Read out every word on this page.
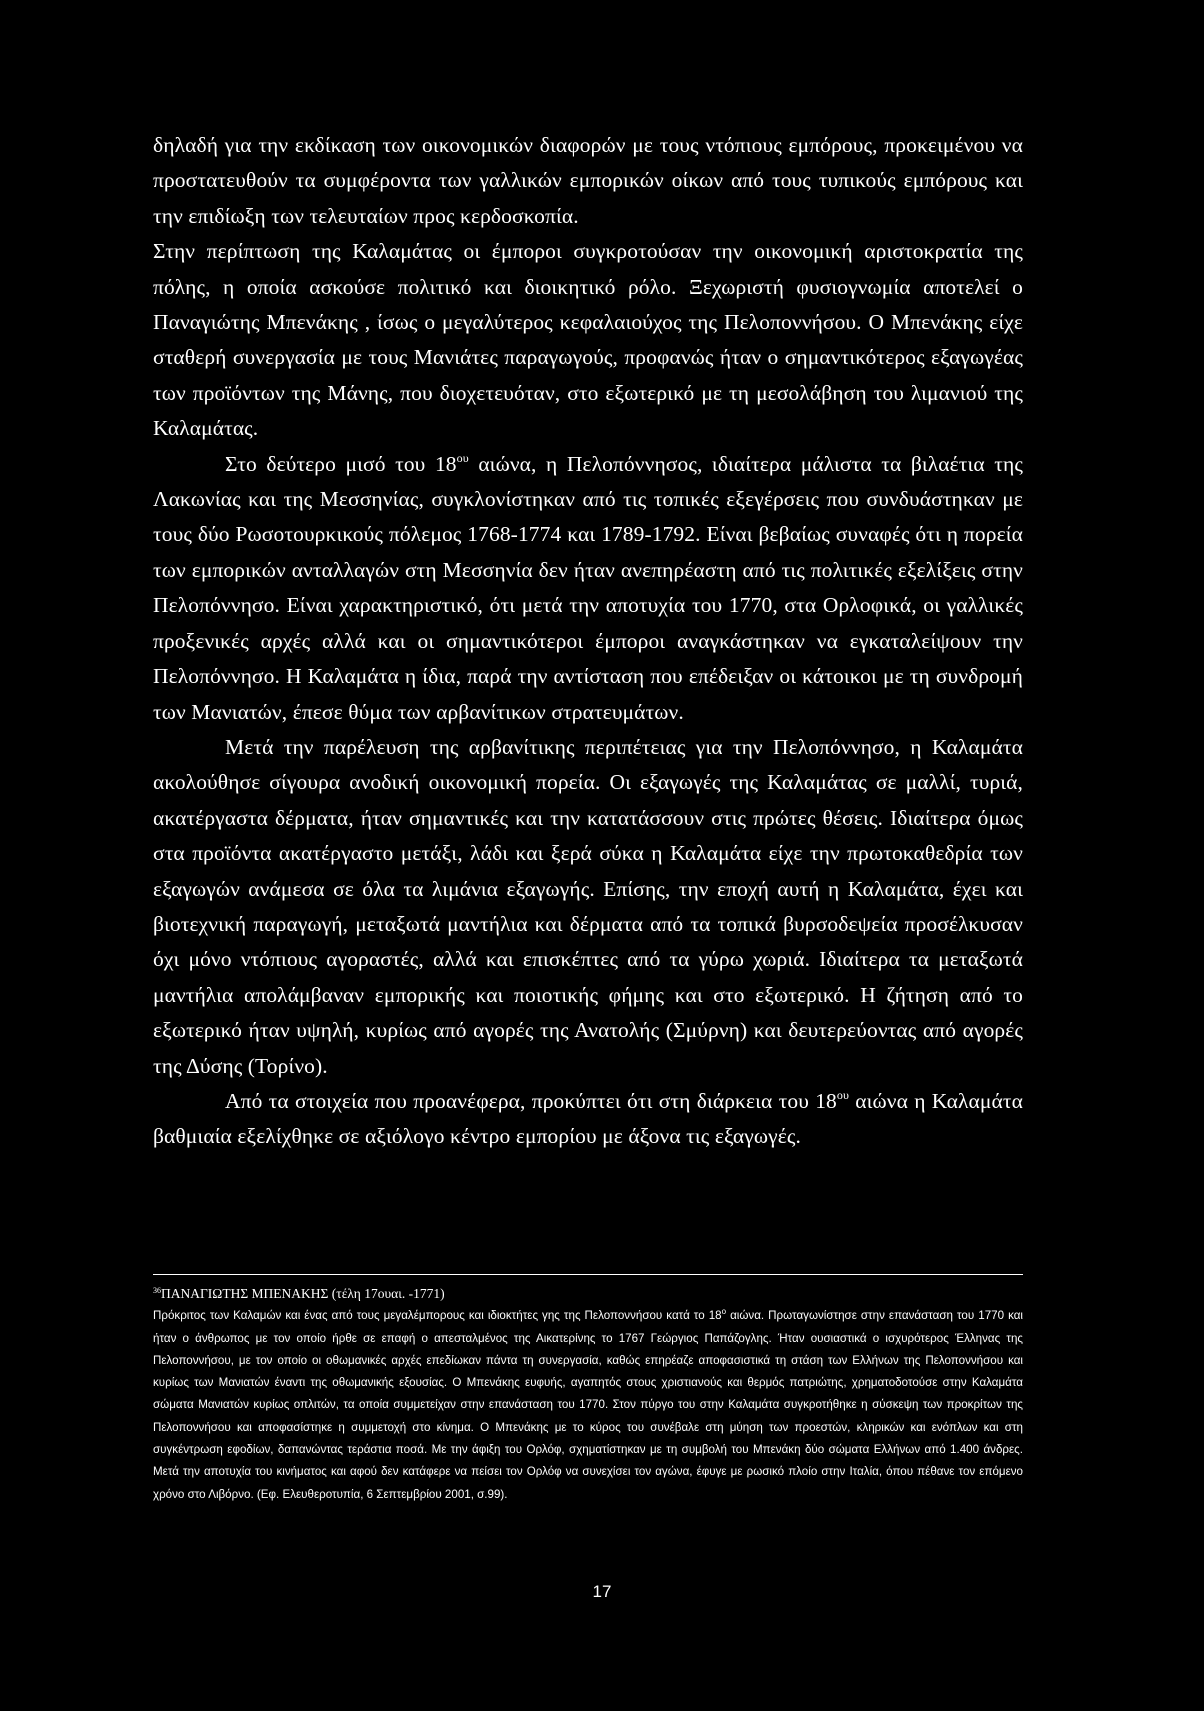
δηλαδή για την εκδίκαση των οικονομικών διαφορών με τους ντόπιους εμπόρους, προκειμένου να προστατευθούν τα συμφέροντα των γαλλικών εμπορικών οίκων από τους τυπικούς εμπόρους και την επιδίωξη των τελευταίων προς κερδοσκοπία.

Στην περίπτωση της Καλαμάτας οι έμποροι συγκροτούσαν την οικονομική αριστοκρατία της πόλης, η οποία ασκούσε πολιτικό και διοικητικό ρόλο. Ξεχωριστή φυσιογνωμία αποτελεί ο Παναγιώτης Μπενάκης , ίσως ο μεγαλύτερος κεφαλαιούχος της Πελοποννήσου. Ο Μπενάκης είχε σταθερή συνεργασία με τους Μανιάτες παραγωγούς, προφανώς ήταν ο σημαντικότερος εξαγωγέας των προϊόντων της Μάνης, που διοχετευόταν, στο εξωτερικό με τη μεσολάβηση του λιμανιού της Καλαμάτας.

Στο δεύτερο μισό του $18^{o\upsilon}$ αιώνα, η Πελοπόννησος, ιδιαίτερα μάλιστα τα βιλαέτια της Λακωνίας και της Μεσσηνίας, συγκλονίστηκαν από τις τοπικές εξεγέρσεις που συνδυάστηκαν με τους δύο Ρωσοτουρκικούς πόλεμος 1768-1774 και 1789-1792. Είναι βεβαίως συναφές ότι η πορεία των εμπορικών ανταλλαγών στη Μεσσηνία δεν ήταν ανεπηρέαστη από τις πολιτικές εξελίξεις στην Πελοπόννησο. Είναι χαρακτηριστικό, ότι μετά την αποτυχία του 1770, στα Ορλοφικά, οι γαλλικές προξενικές αρχές αλλά και οι σημαντικότεροι έμποροι αναγκάστηκαν να εγκαταλείψουν την Πελοπόννησο. Η Καλαμάτα η ίδια, παρά την αντίσταση που επέδειξαν οι κάτοικοι με τη συνδρομή των Μανιατών, έπεσε θύμα των αρβανίτικων στρατευμάτων.

Μετά την παρέλευση της αρβανίτικης περιπέτειας για την Πελοπόννησο, η Καλαμάτα ακολούθησε σίγουρα ανοδική οικονομική πορεία. Οι εξαγωγές της Καλαμάτας σε μαλλί, τυριά, ακατέργαστα δέρματα, ήταν σημαντικές και την κατατάσσουν στις πρώτες θέσεις. Ιδιαίτερα όμως στα προϊόντα ακατέργαστο μετάξι, λάδι και ξερά σύκα η Καλαμάτα είχε την πρωτοκαθεδρία των εξαγωγών ανάμεσα σε όλα τα λιμάνια εξαγωγής. Επίσης, την εποχή αυτή η Καλαμάτα, έχει και βιοτεχνική παραγωγή, μεταξωτά μαντήλια και δέρματα από τα τοπικά βυρσοδεψεία προσέλκυσαν όχι μόνο ντόπιους αγοραστές, αλλά και επισκέπτες από τα γύρω χωριά. Ιδιαίτερα τα μεταξωτά μαντήλια απολάμβαναν εμπορικής και ποιοτικής φήμης και στο εξωτερικό. Η ζήτηση από το εξωτερικό ήταν υψηλή, κυρίως από αγορές της Ανατολής (Σμύρνη) και δευτερεύοντας από αγορές της Δύσης (Τορίνο).

Από τα στοιχεία που προανέφερα, προκύπτει ότι στη διάρκεια του $18^{o\upsilon}$ αιώνα η Καλαμάτα βαθμιαία εξελίχθηκε σε αξιόλογο κέντρο εμπορίου με άξονα τις εξαγωγές.

$^{36}$ΠΑΝΑΓΙΩΤΗΣ ΜΠΕΝΑΚΗΣ (τέλη 17ουαι. -1771)
Πρόκριτος των Καλαμών και ένας από τους μεγαλέμπορους και ιδιοκτήτες γης της Πελοποννήσου κατά το $18^o$ αιώνα. Πρωταγωνίστησε στην επανάσταση του 1770 και ήταν ο άνθρωπος με τον οποίο ήρθε σε επαφή ο απεσταλμένος της Αικατερίνης το 1767 Γεώργιος Παπάζογλης. Ήταν ουσιαστικά ο ισχυρότερος Έλληνας της Πελοποννήσου, με τον οποίο οι οθωμανικές αρχές επεδίωκαν πάντα τη συνεργασία, καθώς επηρέαζε αποφασιστικά τη στάση των Ελλήνων της Πελοποννήσου και κυρίως των Μανιατών έναντι της οθωμανικής εξουσίας. Ο Μπενάκης ευφυής, αγαπητός στους χριστιανούς και θερμός πατριώτης, χρηματοδοτούσε στην Καλαμάτα σώματα Μανιατών κυρίως οπλιτών, τα οποία συμμετείχαν στην επανάσταση του 1770. Στον πύργο του στην Καλαμάτα συγκροτήθηκε η σύσκεψη των προκρίτων της Πελοποννήσου και αποφασίστηκε η συμμετοχή στο κίνημα. Ο Μπενάκης με το κύρος του συνέβαλε στη μύηση των προεστών, κληρικών και ενόπλων και στη συγκέντρωση εφοδίων, δαπανώντας τεράστια ποσά. Με την άφιξη του Ορλόφ, σχηματίστηκαν με τη συμβολή του Μπενάκη δύο σώματα Ελλήνων από 1.400 άνδρες. Μετά την αποτυχία του κινήματος και αφού δεν κατάφερε να πείσει τον Ορλόφ να συνεχίσει τον αγώνα, έφυγε με ρωσικό πλοίο στην Ιταλία, όπου πέθανε τον επόμενο χρόνο στο Λιβόρνο. (Εφ. Ελευθεροτυπία, 6 Σεπτεμβρίου 2001, σ.99).
17
